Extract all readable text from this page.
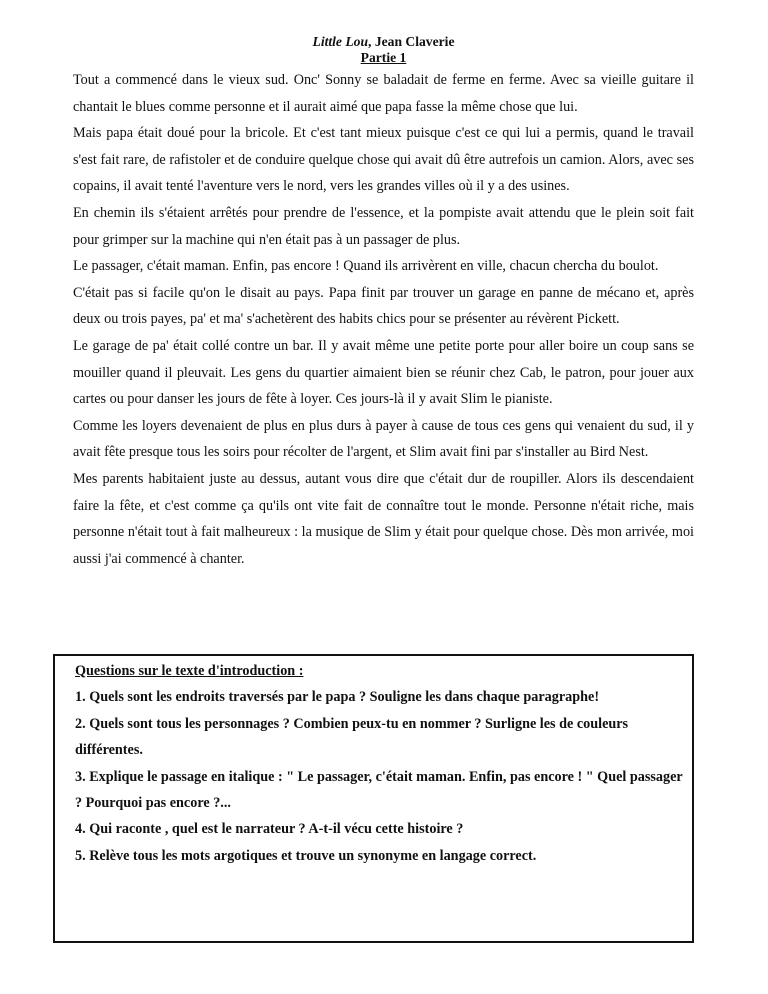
Little Lou, Jean Claverie
Partie 1

Tout a commencé dans le vieux sud. Onc' Sonny se baladait de ferme en ferme. Avec sa vieille guitare il chantait le blues comme personne et il aurait aimé que papa fasse la même chose que lui.

Mais papa était doué pour la bricole. Et c'est tant mieux puisque c'est ce qui lui a permis, quand le travail s'est fait rare, de rafistoler et de conduire quelque chose qui avait dû être autrefois un camion. Alors, avec ses copains, il avait tenté l'aventure vers le nord, vers les grandes villes où il y a des usines.

En chemin ils s'étaient arrêtés pour prendre de l'essence, et la pompiste avait attendu que le plein soit fait pour grimper sur la machine qui n'en était pas à un passager de plus.

Le passager, c'était maman. Enfin, pas encore ! Quand ils arrivèrent en ville, chacun chercha du boulot.

C'était pas si facile qu'on le disait au pays. Papa finit par trouver un garage en panne de mécano et, après deux ou trois payes, pa' et ma' s'achetèrent des habits chics pour se présenter au révèrent Pickett.

Le garage de pa' était collé contre un bar. Il y avait même une petite porte pour aller boire un coup sans se mouiller quand il pleuvait. Les gens du quartier aimaient bien se réunir chez Cab, le patron, pour jouer aux cartes ou pour danser les jours de fête à loyer. Ces jours-là il y avait Slim le pianiste.

Comme les loyers devenaient de plus en plus durs à payer à cause de tous ces gens qui venaient du sud, il y avait fête presque tous les soirs pour récolter de l'argent, et Slim avait fini par s'installer au Bird Nest.

Mes parents habitaient juste au dessus, autant vous dire que c'était dur de roupiller. Alors ils descendaient faire la fête, et c'est comme ça qu'ils ont vite fait de connaître tout le monde. Personne n'était riche, mais personne n'était tout à fait malheureux : la musique de Slim y était pour quelque chose. Dès mon arrivée, moi aussi j'ai commencé à chanter.

Questions sur le texte d'introduction :

1. Quels sont les endroits traversés par le papa ? Souligne les dans chaque paragraphe!

2. Quels sont tous les personnages ? Combien peux-tu en nommer ? Surligne les de couleurs différentes.

3. Explique le passage en italique : " Le passager, c'était maman. Enfin, pas encore ! " Quel passager ? Pourquoi pas encore ?...

4. Qui raconte , quel est le narrateur ? A-t-il vécu cette histoire ?

5. Relève tous les mots argotiques et trouve un synonyme en langage correct.
